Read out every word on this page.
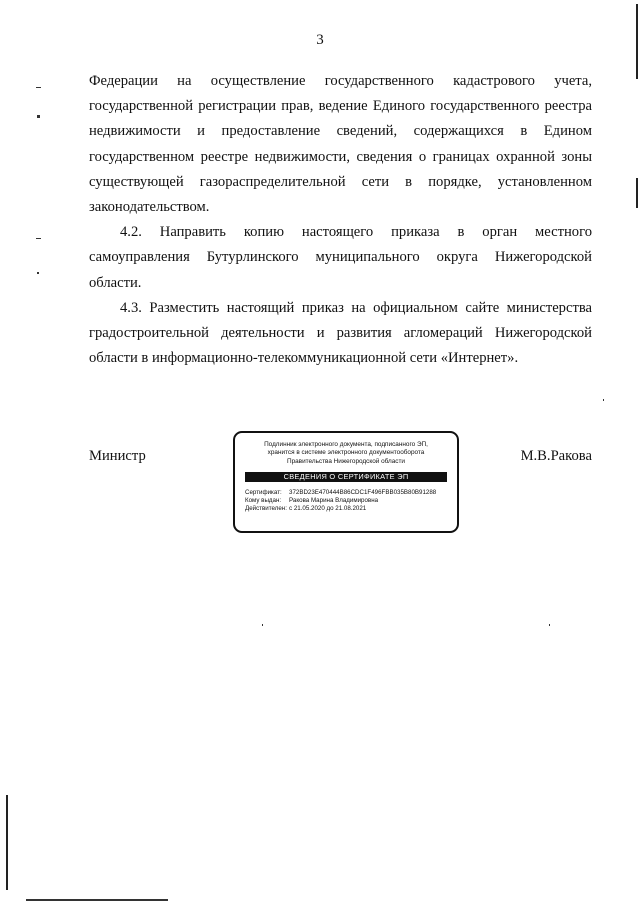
3

Федерации на осуществление государственного кадастрового учета,
государственной регистрации прав, ведение Единого государственного реестра
недвижимости и предоставление сведений, содержащихся в Едином
государственном реестре недвижимости, сведения о границах охранной зоны
существующей газораспределительной сети в порядке, установленном
законодательством.

4.2. Направить копию настоящего приказа в орган местного
самоуправления Бутурлинского муниципального округа Нижегородской
области.

4.3. Разместить настоящий приказ на официальном сайте министерства
градостроительной деятельности и развития агломераций Нижегородской
области в информационно-телекоммуникационной сети «Интернет».

Министр
Подлинник электронного документа, подписанного ЭП,
хранится в системе электронного документооборота
Правительства Нижегородской области
СВЕДЕНИЯ О СЕРТИФИКАТЕ ЭП
Сертификат: 372BD23E470444B86CDC1F496FBB035B80B91288
Кому выдан: Ракова Марина Владимировна
Действителен: с 21.05.2020 до 21.08.2021
М.В.Ракова
